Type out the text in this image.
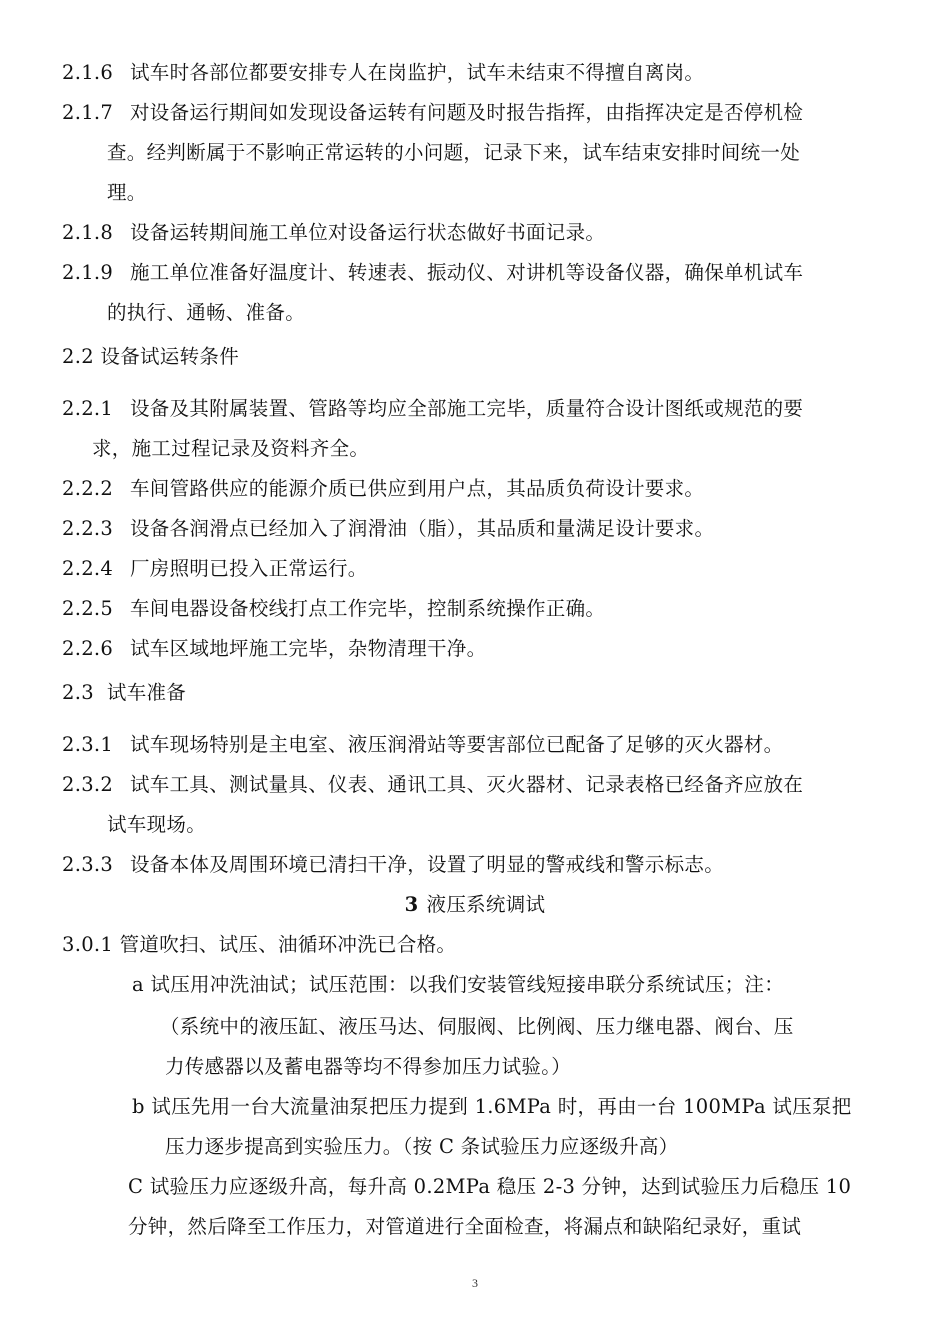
2.1.6 试车时各部位都要安排专人在岗监护，试车未结束不得擅自离岗。
2.1.7 对设备运行期间如发现设备运转有问题及时报告指挥，由指挥决定是否停机检
查。经判断属于不影响正常运转的小问题，记录下来，试车结束安排时间统一处
理。
2.1.8 设备运转期间施工单位对设备运行状态做好书面记录。
2.1.9 施工单位准备好温度计、转速表、振动仪、对讲机等设备仪器，确保单机试车
的执行、通畅、准备。
2.2 设备试运转条件
2.2.1 设备及其附属装置、管路等均应全部施工完毕，质量符合设计图纸或规范的要
求，施工过程记录及资料齐全。
2.2.2 车间管路供应的能源介质已供应到用户点，其品质负荷设计要求。
2.2.3 设备各润滑点已经加入了润滑油（脂），其品质和量满足设计要求。
2.2.4 厂房照明已投入正常运行。
2.2.5 车间电器设备校线打点工作完毕，控制系统操作正确。
2.2.6 试车区域地坪施工完毕，杂物清理干净。
2.3  试车准备
2.3.1 试车现场特别是主电室、液压润滑站等要害部位已配备了足够的灭火器材。
2.3.2 试车工具、测试量具、仪表、通讯工具、灭火器材、记录表格已经备齐应放在
试车现场。
2.3.3 设备本体及周围环境已清扫干净，设置了明显的警戒线和警示标志。
3 液压系统调试
3.0.1 管道吹扫、试压、油循环冲洗已合格。
a 试压用冲洗油试；试压范围：以我们安装管线短接串联分系统试压；注：
（系统中的液压缸、液压马达、伺服阀、比例阀、压力继电器、阀台、压
力传感器以及蓄电器等均不得参加压力试验。）
b 试压先用一台大流量油泵把压力提到 1.6MPa 时，再由一台 100MPa 试压泵把
压力逐步提高到实验压力。（按 C 条试验压力应逐级升高）
C 试验压力应逐级升高，每升高 0.2MPa 稳压 2-3 分钟，达到试验压力后稳压 10
分钟，然后降至工作压力，对管道进行全面检查，将漏点和缺陷纪录好，重试
3
